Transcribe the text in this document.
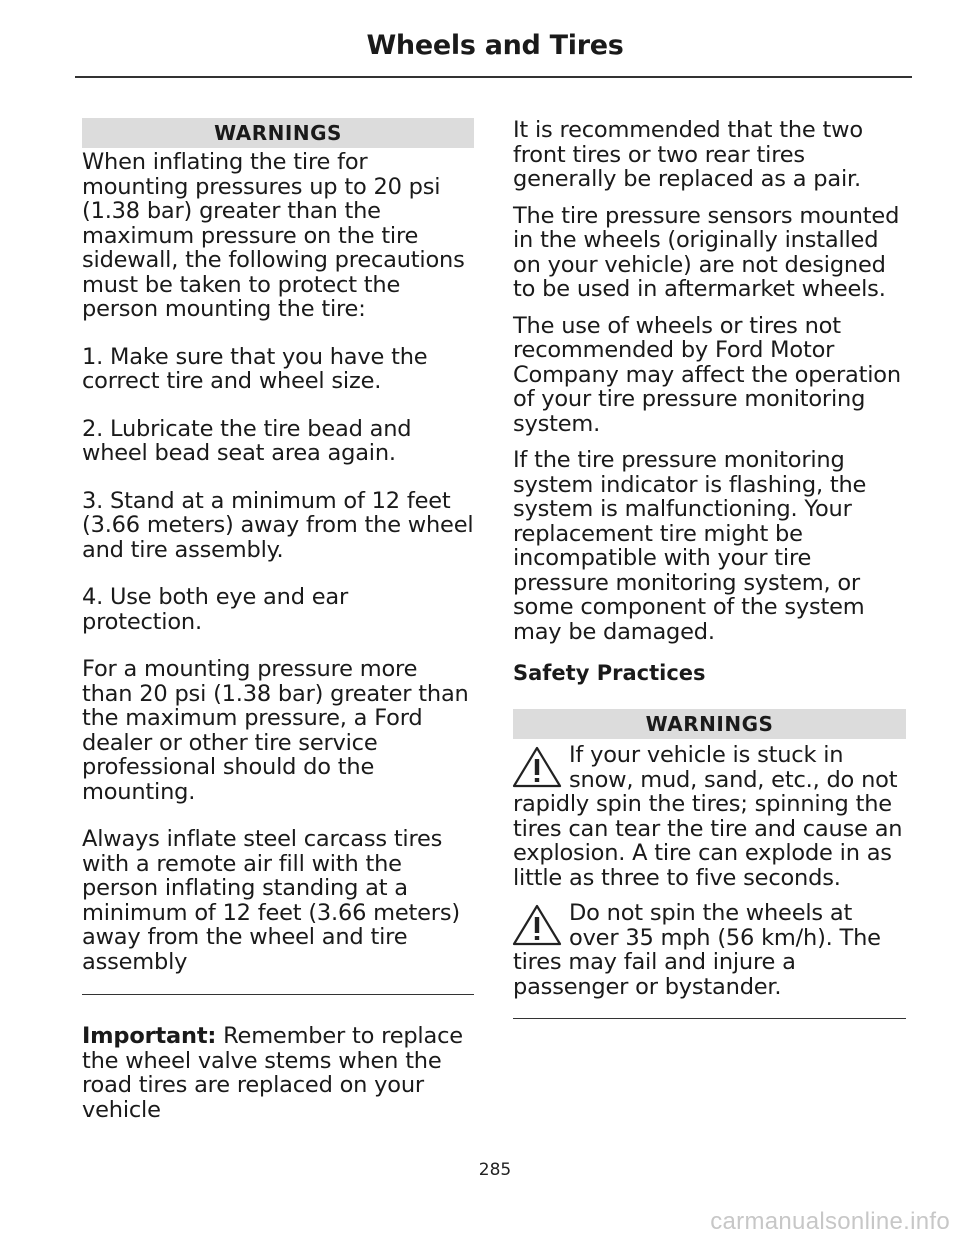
Wheels and Tires
WARNINGS

When inflating the tire for mounting pressures up to 20 psi (1.38 bar) greater than the maximum pressure on the tire sidewall, the following precautions must be taken to protect the person mounting the tire:

1. Make sure that you have the correct tire and wheel size.

2. Lubricate the tire bead and wheel bead seat area again.

3. Stand at a minimum of 12 feet (3.66 meters) away from the wheel and tire assembly.

4. Use both eye and ear protection.

For a mounting pressure more than 20 psi (1.38 bar) greater than the maximum pressure, a Ford dealer or other tire service professional should do the mounting.

Always inflate steel carcass tires with a remote air fill with the person inflating standing at a minimum of 12 feet (3.66 meters) away from the wheel and tire assembly

Important: Remember to replace the wheel valve stems when the road tires are replaced on your vehicle

It is recommended that the two front tires or two rear tires generally be replaced as a pair.

The tire pressure sensors mounted in the wheels (originally installed on your vehicle) are not designed to be used in aftermarket wheels.

The use of wheels or tires not recommended by Ford Motor Company may affect the operation of your tire pressure monitoring system.

If the tire pressure monitoring system indicator is flashing, the system is malfunctioning. Your replacement tire might be incompatible with your tire pressure monitoring system, or some component of the system may be damaged.

Safety Practices

WARNINGS

If your vehicle is stuck in snow, mud, sand, etc., do not rapidly spin the tires; spinning the tires can tear the tire and cause an explosion. A tire can explode in as little as three to five seconds.

Do not spin the wheels at over 35 mph (56 km/h). The tires may fail and injure a passenger or bystander.

285

carmanualsonline.info
